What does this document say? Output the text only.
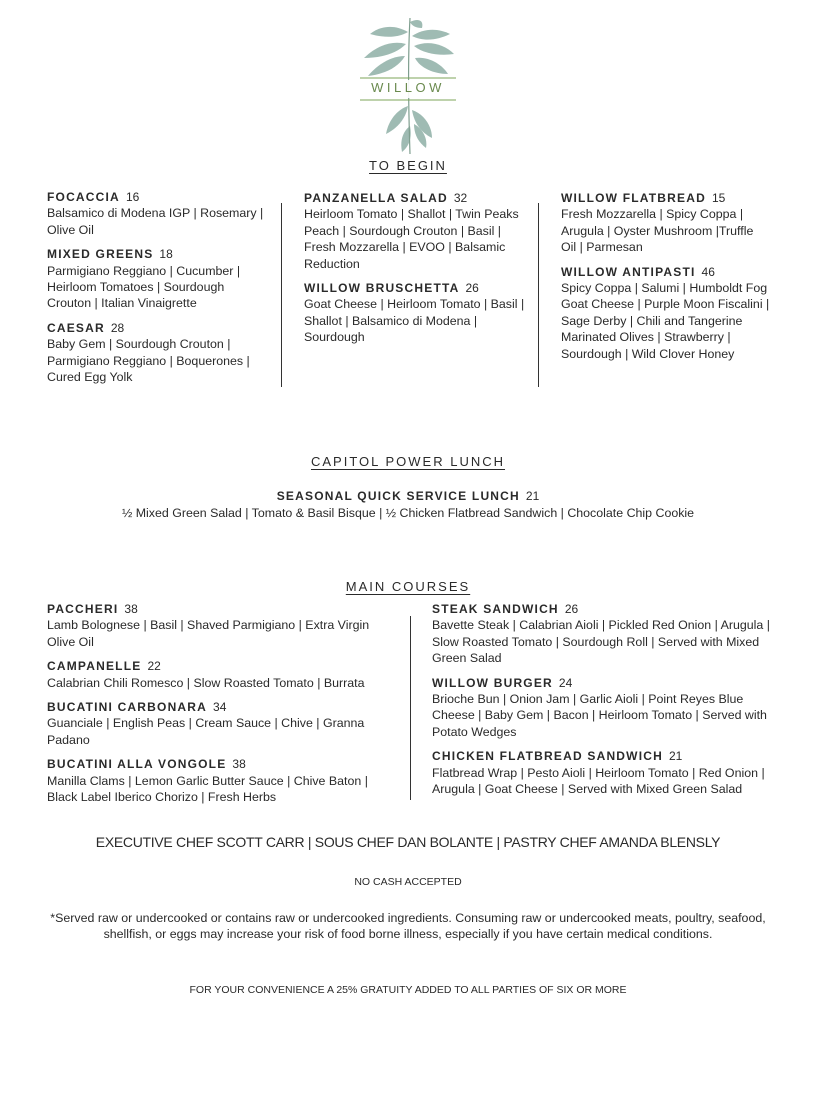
WILLOW
TO BEGIN
FOCACCIA 16
Balsamico di Modena IGP | Rosemary | Olive Oil
MIXED GREENS 18
Parmigiano Reggiano | Cucumber | Heirloom Tomatoes | Sourdough Crouton | Italian Vinaigrette
CAESAR 28
Baby Gem | Sourdough Crouton | Parmigiano Reggiano | Boquerones | Cured Egg Yolk
PANZANELLA SALAD 32
Heirloom Tomato | Shallot | Twin Peaks Peach | Sourdough Crouton | Basil | Fresh Mozzarella | EVOO | Balsamic Reduction
WILLOW BRUSCHETTA 26
Goat Cheese | Heirloom Tomato | Basil | Shallot | Balsamico di Modena | Sourdough
WILLOW FLATBREAD 15
Fresh Mozzarella | Spicy Coppa | Arugula | Oyster Mushroom |Truffle Oil | Parmesan
WILLOW ANTIPASTI 46
Spicy Coppa | Salumi | Humboldt Fog Goat Cheese | Purple Moon Fiscalini | Sage Derby | Chili and Tangerine Marinated Olives | Strawberry | Sourdough | Wild Clover Honey
CAPITOL POWER LUNCH
SEASONAL QUICK SERVICE LUNCH 21
½ Mixed Green Salad | Tomato & Basil Bisque | ½ Chicken Flatbread Sandwich | Chocolate Chip Cookie
MAIN COURSES
PACCHERI 38
Lamb Bolognese | Basil | Shaved Parmigiano | Extra Virgin Olive Oil
CAMPANELLE 22
Calabrian Chili Romesco | Slow Roasted Tomato | Burrata
BUCATINI CARBONARA 34
Guanciale | English Peas | Cream Sauce | Chive | Granna Padano
BUCATINI ALLA VONGOLE 38
Manilla Clams | Lemon Garlic Butter Sauce | Chive Baton | Black Label Iberico Chorizo | Fresh Herbs
STEAK SANDWICH 26
Bavette Steak | Calabrian Aioli | Pickled Red Onion | Arugula | Slow Roasted Tomato | Sourdough Roll | Served with Mixed Green Salad
WILLOW BURGER 24
Brioche Bun | Onion Jam | Garlic Aioli | Point Reyes Blue Cheese | Baby Gem | Bacon | Heirloom Tomato | Served with Potato Wedges
CHICKEN FLATBREAD SANDWICH 21
Flatbread Wrap | Pesto Aioli | Heirloom Tomato | Red Onion | Arugula | Goat Cheese | Served with Mixed Green Salad
EXECUTIVE CHEF SCOTT CARR | SOUS CHEF DAN BOLANTE | PASTRY CHEF AMANDA BLENSLY
NO CASH ACCEPTED
*Served raw or undercooked or contains raw or undercooked ingredients. Consuming raw or undercooked meats, poultry, seafood, shellfish, or eggs may increase your risk of food borne illness, especially if you have certain medical conditions.
FOR YOUR CONVENIENCE A 25% GRATUITY ADDED TO ALL PARTIES OF SIX OR MORE
